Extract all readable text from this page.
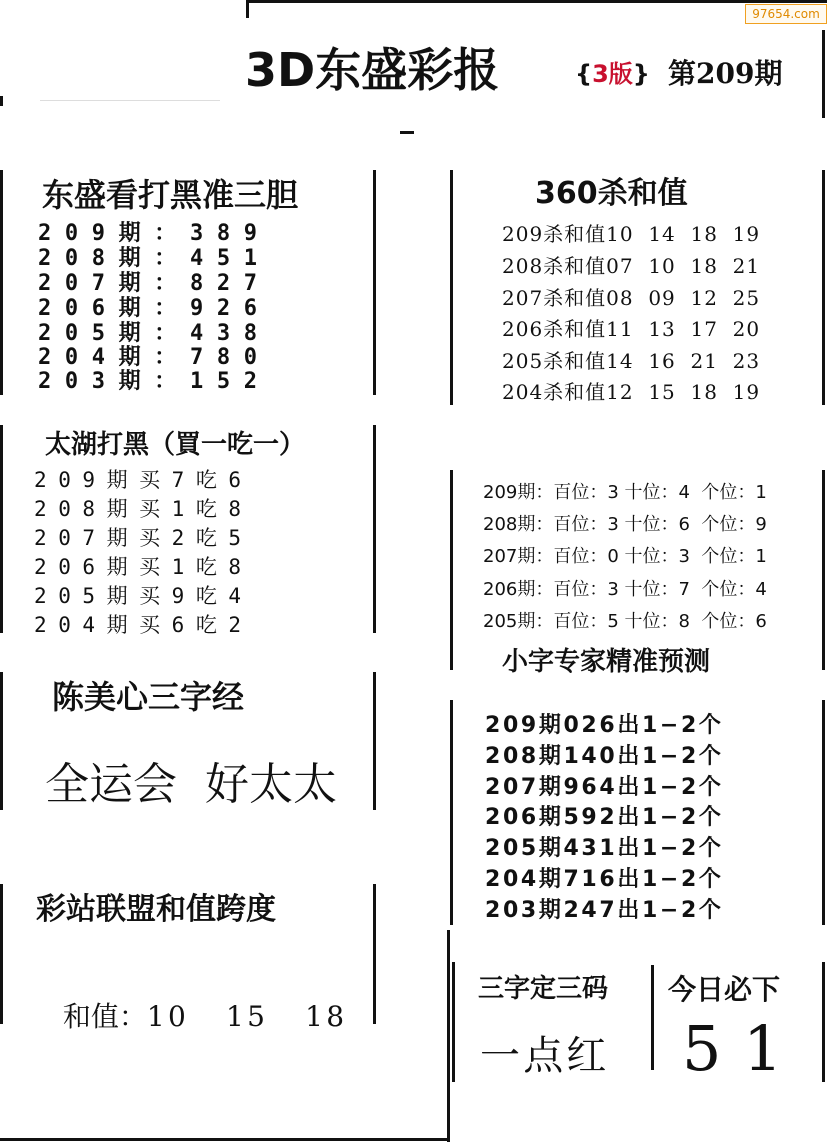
97654.com
3D东盛彩报	{3版} 第209期
东盛看打黑准三胆
209期：389
208期：451
207期：827
206期：926
205期：438
204期：780
203期：152
360杀和值
209杀和值10  14  18  19
208杀和值07  10  18  21
207杀和值08  09  12  25
206杀和值11  13  17  20
205杀和值14  16  21  23
204杀和值12  15  18  19
太湖打黑（買一吃一）
209期买7吃6
208期买1吃8
207期买2吃5
206期买1吃8
205期买9吃4
204期买6吃2
209期：百位：3 十位：4  个位：1
208期：百位：3 十位：6  个位：9
207期：百位：0 十位：3  个位：1
206期：百位：3 十位：7  个位：4
205期：百位：5 十位：8  个位：6
陈美心三字经
全运会  好太太
小字专家精准预测
209期026出1−2个
208期140出1−2个
207期964出1−2个
206期592出1−2个
205期431出1−2个
204期716出1−2个
203期247出1−2个
彩站联盟和值跨度

和值：10   15   18

三字定三码
一点红
今日必下
51
